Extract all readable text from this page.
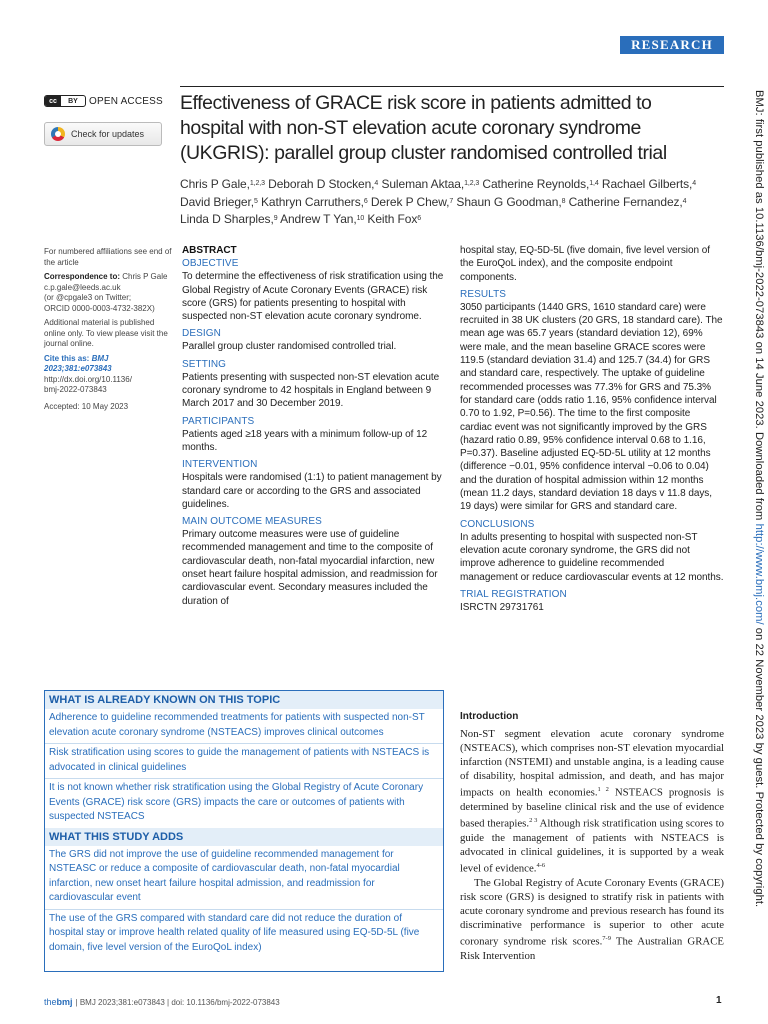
RESEARCH
cc	BY OPEN ACCESS
Check for updates
Effectiveness of GRACE risk score in patients admitted to hospital with non-ST elevation acute coronary syndrome (UKGRIS): parallel group cluster randomised controlled trial
Chris P Gale,$^{1,2,3}$ Deborah D Stocken,$^4$ Suleman Aktaa,$^{1,2,3}$ Catherine Reynolds,$^{1,4}$ Rachael Gilberts,$^4$ David Brieger,$^5$ Kathryn Carruthers,$^6$ Derek P Chew,$^7$ Shaun G Goodman,$^8$ Catherine Fernandez,$^4$ Linda D Sharples,$^9$ Andrew T Yan,$^{10}$ Keith Fox$^6$

For numbered affiliations see end of the article

Correspondence to: Chris P Gale
c.p.gale@leeds.ac.uk
(or @cpgale3 on Twitter;
ORCID 0000-0003-4732-382X)

Additional material is published online only. To view please visit the journal online.

Cite this as: BMJ 2023;381:e073843
http://dx.doi.org/10.1136/
bmj-2022-073843

Accepted: 10 May 2023

ABSTRACT
OBJECTIVE
To determine the effectiveness of risk stratification using the Global Registry of Acute Coronary Events (GRACE) risk score (GRS) for patients presenting to hospital with suspected non-ST elevation acute coronary syndrome.
DESIGN
Parallel group cluster randomised controlled trial.
SETTING
Patients presenting with suspected non-ST elevation acute coronary syndrome to 42 hospitals in England between 9 March 2017 and 30 December 2019.
PARTICIPANTS
Patients aged ≥18 years with a minimum follow-up of 12 months.
INTERVENTION
Hospitals were randomised (1:1) to patient management by standard care or according to the GRS and associated guidelines.
MAIN OUTCOME MEASURES
Primary outcome measures were use of guideline recommended management and time to the composite of cardiovascular death, non-fatal myocardial infarction, new onset heart failure hospital admission, and readmission for cardiovascular event. Secondary measures included the duration of
hospital stay, EQ-5D-5L (five domain, five level version of the EuroQoL index), and the composite endpoint components.
RESULTS
3050 participants (1440 GRS, 1610 standard care) were recruited in 38 UK clusters (20 GRS, 18 standard care). The mean age was 65.7 years (standard deviation 12), 69% were male, and the mean baseline GRACE scores were 119.5 (standard deviation 31.4) and 125.7 (34.4) for GRS and standard care, respectively. The uptake of guideline recommended processes was 77.3% for GRS and 75.3% for standard care (odds ratio 1.16, 95% confidence interval 0.70 to 1.92, P=0.56). The time to the first composite cardiac event was not significantly improved by the GRS (hazard ratio 0.89, 95% confidence interval 0.68 to 1.16, P=0.37). Baseline adjusted EQ-5D-5L utility at 12 months (difference −0.01, 95% confidence interval −0.06 to 0.04) and the duration of hospital admission within 12 months (mean 11.2 days, standard deviation 18 days v 11.8 days, 19 days) were similar for GRS and standard care.
CONCLUSIONS
In adults presenting to hospital with suspected non-ST elevation acute coronary syndrome, the GRS did not improve adherence to guideline recommended management or reduce cardiovascular events at 12 months.
TRIAL REGISTRATION
ISRCTN 29731761
WHAT IS ALREADY KNOWN ON THIS TOPIC
Adherence to guideline recommended treatments for patients with suspected non-ST elevation acute coronary syndrome (NSTEACS) improves clinical outcomes
Risk stratification using scores to guide the management of patients with NSTEACS is advocated in clinical guidelines
It is not known whether risk stratification using the Global Registry of Acute Coronary Events (GRACE) risk score (GRS) impacts the care or outcomes of patients with suspected NSTEACS
WHAT THIS STUDY ADDS
The GRS did not improve the use of guideline recommended management for NSTEASC or reduce a composite of cardiovascular death, non-fatal myocardial infarction, new onset heart failure hospital admission, and readmission for cardiovascular event
The use of the GRS compared with standard care did not reduce the duration of hospital stay or improve health related quality of life measured using EQ-5D-5L (five domain, five level version of the EuroQoL index)
Introduction

Non-ST segment elevation acute coronary syndrome (NSTEACS), which comprises non-ST elevation myocardial infarction (NSTEMI) and unstable angina, is a leading cause of disability, hospital admission, and death, and has major impacts on health economies.$^{1 2}$ NSTEACS prognosis is determined by baseline clinical risk and the use of evidence based therapies.$^{2 3}$ Although risk stratification using scores to guide the management of patients with NSTEACS is advocated in clinical guidelines, it is supported by a weak level of evidence.$^{4-6}$

The Global Registry of Acute Coronary Events (GRACE) risk score (GRS) is designed to stratify risk in patients with acute coronary syndrome and previous research has found its discriminative performance is superior to other acute coronary syndrome risk scores.$^{7-9}$ The Australian GRACE Risk Intervention

BMJ: first published as 10.1136/bmj-2022-073843 on 14 June 2023. Downloaded from http://www.bmj.com/ on 22 November 2023 by guest. Protected by copyright.
thebmj | BMJ 2023;381:e073843 | doi: 10.1136/bmj-2022-073843	1
